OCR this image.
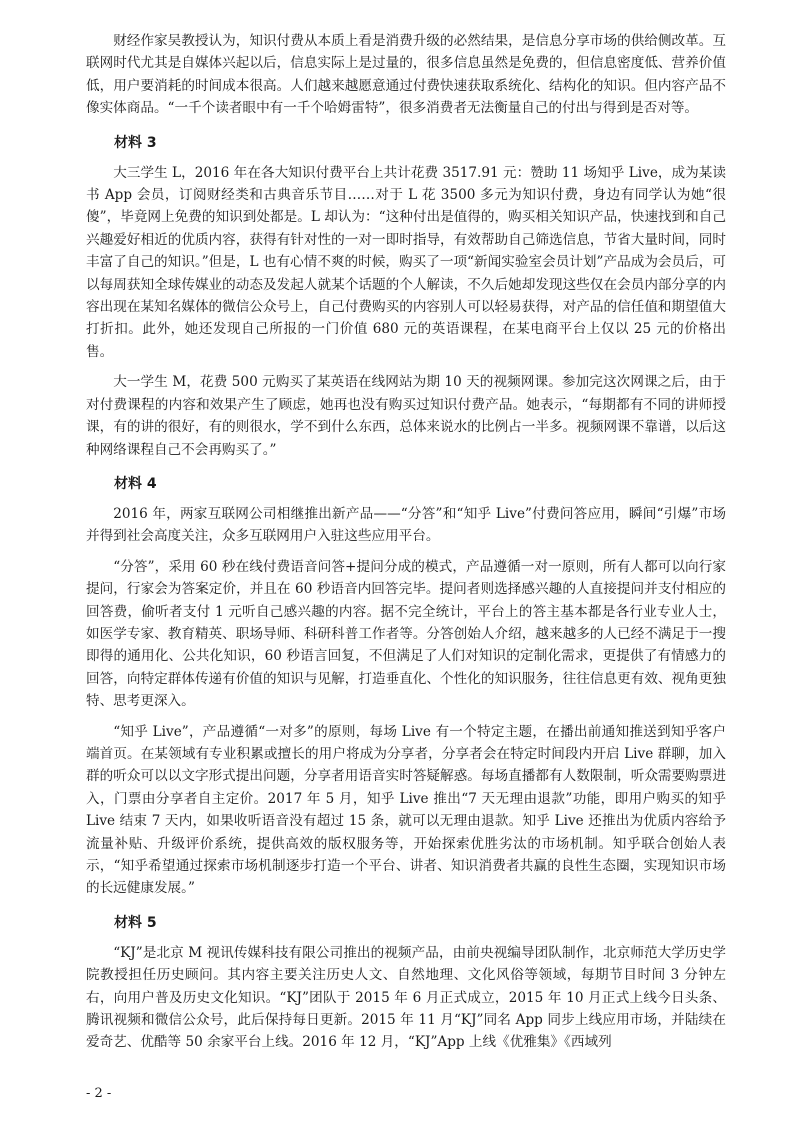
财经作家吴教授认为，知识付费从本质上看是消费升级的必然结果，是信息分享市场的供给侧改革。互联网时代尤其是自媒体兴起以后，信息实际上是过量的，很多信息虽然是免费的，但信息密度低、营养价值低，用户要消耗的时间成本很高。人们越来越愿意通过付费快速获取系统化、结构化的知识。但内容产品不像实体商品。“一千个读者眼中有一千个哈姆雷特”，很多消费者无法衡量自己的付出与得到是否对等。

材料 3

大三学生 L，2016 年在各大知识付费平台上共计花费 3517.91 元：赞助 11 场知乎 Live，成为某读书 App 会员，订阅财经类和古典音乐节目……对于 L 花 3500 多元为知识付费，身边有同学认为她“很傻”，毕竟网上免费的知识到处都是。L 却认为：“这种付出是值得的，购买相关知识产品，快速找到和自己兴趣爱好相近的优质内容，获得有针对性的一对一即时指导，有效帮助自己筛选信息，节省大量时间，同时丰富了自己的知识。”但是，L 也有心情不爽的时候，购买了一项“新闻实验室会员计划”产品成为会员后，可以每周获知全球传媒业的动态及发起人就某个话题的个人解读，不久后她却发现这些仅在会员内部分享的内容出现在某知名媒体的微信公众号上，自己付费购买的内容别人可以轻易获得，对产品的信任值和期望值大打折扣。此外，她还发现自己所报的一门价值 680 元的英语课程，在某电商平台上仅以 25 元的价格出售。

大一学生 M，花费 500 元购买了某英语在线网站为期 10 天的视频网课。参加完这次网课之后，由于对付费课程的内容和效果产生了顾虑，她再也没有购买过知识付费产品。她表示，“每期都有不同的讲师授课，有的讲的很好，有的则很水，学不到什么东西，总体来说水的比例占一半多。视频网课不靠谱，以后这种网络课程自己不会再购买了。”

材料 4

2016 年，两家互联网公司相继推出新产品——“分答”和“知乎 Live”付费问答应用，瞬间“引爆”市场并得到社会高度关注，众多互联网用户入驻这些应用平台。

“分答”，采用 60 秒在线付费语音问答+提问分成的模式，产品遵循一对一原则，所有人都可以向行家提问，行家会为答案定价，并且在 60 秒语音内回答完毕。提问者则选择感兴趣的人直接提问并支付相应的回答费，偷听者支付 1 元听自己感兴趣的内容。据不完全统计，平台上的答主基本都是各行业专业人士，如医学专家、教育精英、职场导师、科研科普工作者等。分答创始人介绍，越来越多的人已经不满足于一搜即得的通用化、公共化知识，60 秒语言回复，不但满足了人们对知识的定制化需求，更提供了有情感力的回答，向特定群体传递有价值的知识与见解，打造垂直化、个性化的知识服务，往往信息更有效、视角更独特、思考更深入。

“知乎 Live”，产品遵循“一对多”的原则，每场 Live 有一个特定主题，在播出前通知推送到知乎客户端首页。在某领域有专业积累或擅长的用户将成为分享者，分享者会在特定时间段内开启 Live 群聊，加入群的听众可以以文字形式提出问题，分享者用语音实时答疑解惑。每场直播都有人数限制，听众需要购票进入，门票由分享者自主定价。2017 年 5 月，知乎 Live 推出“7 天无理由退款”功能，即用户购买的知乎 Live 结束 7 天内，如果收听语音没有超过 15 条，就可以无理由退款。知乎 Live 还推出为优质内容给予流量补贴、升级评价系统，提供高效的版权服务等，开始探索优胜劣汰的市场机制。知乎联合创始人表示，“知乎希望通过探索市场机制逐步打造一个平台、讲者、知识消费者共赢的良性生态圈，实现知识市场的长远健康发展。”

材料 5

“KJ”是北京 M 视讯传媒科技有限公司推出的视频产品，由前央视编导团队制作，北京师范大学历史学院教授担任历史顾问。其内容主要关注历史人文、自然地理、文化风俗等领域，每期节目时间 3 分钟左右，向用户普及历史文化知识。“KJ”团队于 2015 年 6 月正式成立，2015 年 10 月正式上线今日头条、腾讯视频和微信公众号，此后保持每日更新。2015 年 11 月“KJ”同名 App 同步上线应用市场，并陆续在爱奇艺、优酷等 50 余家平台上线。2016 年 12 月，“KJ”App 上线《优雅集》《西域列

- 2 -
